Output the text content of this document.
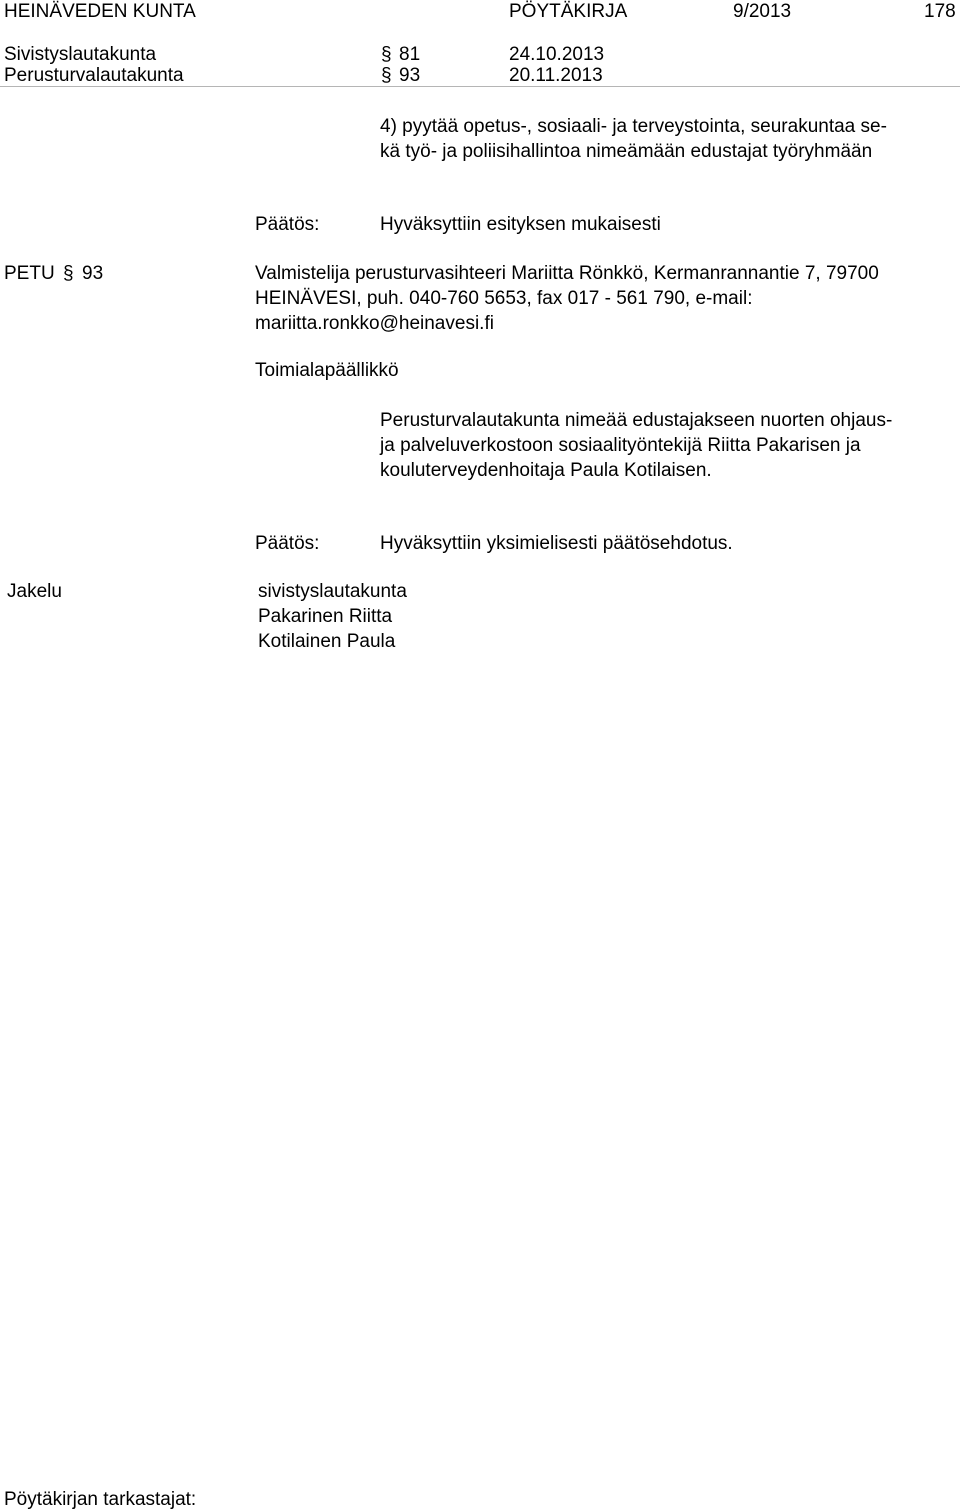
HEINÄVEDEN KUNTA	PÖYTÄKIRJA	9/2013	178
Sivistyslautakunta	§ 81	24.10.2013
Perusturvalautakunta	§ 93	20.11.2013
4) pyytää opetus-, sosiaali- ja terveystointa, seurakuntaa se-
kä työ- ja poliisihallintoa nimeämään edustajat työryhmään
Päätös:	Hyväksyttiin esityksen mukaisesti
PETU § 93	Valmistelija perusturvasihteeri Mariitta Rönkkö, Kermanrannantie 7, 79700
HEINÄVESI, puh. 040-760 5653, fax 017 - 561 790, e-mail:
mariitta.ronkko@heinavesi.fi
Toimialapäällikkö
Perusturvalautakunta nimeää edustajakseen nuorten ohjaus-
ja palveluverkostoon sosiaalityöntekijä Riitta Pakarisen ja
kouluterveydenhoitaja Paula Kotilaisen.
Päätös:	Hyväksyttiin yksimielisesti päätösehdotus.
Jakelu	sivistyslautakunta
Pakarinen Riitta
Kotilainen Paula
Pöytäkirjan tarkastajat:
